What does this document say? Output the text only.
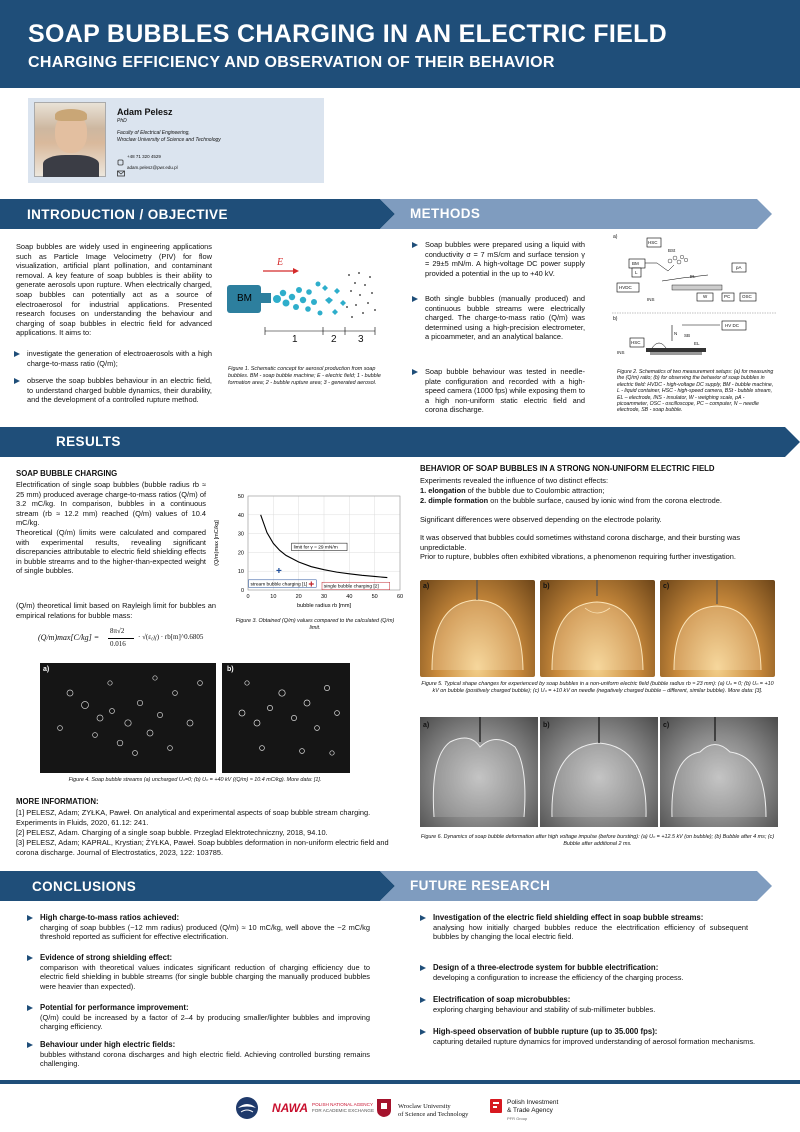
SOAP BUBBLES CHARGING IN AN ELECTRIC FIELD
CHARGING EFFICIENCY AND OBSERVATION OF THEIR BEHAVIOR
Adam Pelesz
PhD
Faculty of Electrical Engineering,
Wroclaw University of Science and Technology
+48 71 320 4529
adam.pelesz@pwr.edu.pl
INTRODUCTION / OBJECTIVE	METHODS
Soap bubbles are widely used in engineering applications such as Particle Image Velocimetry (PIV) for flow visualization, artificial plant pollination, and contaminant removal. A key feature of soap bubbles is their ability to generate aerosols upon rupture. When electrically charged, soap bubbles can potentially act as a source of electroaerosol for industrial applications. Presented research focuses on understanding the behaviour and charging of soap bubbles in electric field for advanced applications. It aims to:
investigate the generation of electroaerosols with a high charge-to-mass ratio (Q/m);
observe the soap bubbles behaviour in an electric field, to understand charged bubble dynamics, their durability, and the development of a controlled rupture method.
BM
E
1	2 3
Figure 1. Schematic concept for aerosol production from soap bubbles. BM - soap bubble machine; E - electric field; 1 - bubble formation area; 2 - bubble rupture area; 3 - generated aerosol.
Soap bubbles were prepared using a liquid with conductivity σ = 7 mS/cm and surface tension γ = 29±5 mN/m. A high-voltage DC power supply provided a potential in the up to +40 kV.
Both single bubbles (manually produced) and continuous bubble streams were electrically charged. The charge-to-mass ratio (Q/m) was determined using a high-precision electrometer, a picoammeter, and an analytical balance.
Soap bubble behaviour was tested in needle-plate configuration and recorded with a high-speed camera (1000 fps) while exposing them to a high non-uniform static electric field and corona discharge.
a)
HSC
BSt
BM
L
HVDC
EL
pA
INS
W	PC	OSC
b)
HV DC
HSC
N SB
EL
INS
Figure 2. Schematics of two measurement setups: (a) for measuring the (Q/m) ratio; (b) for observing the behavior of soap bubbles in electric field: HVDC - high-voltage DC supply, BM - bubble machine, L - liquid container, HSC - high-speed camera, BSt - bubble stream, EL – electrode, INS - insulator, W - weighing scale, pA - picoammeter, OSC - oscilloscope, PC – computer, N – needle electrode, SB - soap bubble.
RESULTS
SOAP BUBBLE CHARGING
Electrification of single soap bubbles (bubble radius rb ≈ 25 mm) produced average charge-to-mass ratios (Q/m) of 3.2 mC/kg. In comparison, bubbles in a continuous stream (rb ≈ 12.2 mm) reached (Q/m) values of 10.4 mC/kg.
Theoretical (Q/m) limits were calculated and compared with experimental results, revealing significant discrepancies attributable to electric field shielding effects in bubble streams and to the higher-than-expected weight of single bubbles.
(Q/m) theoretical limit based on Rayleigh limit for bubbles an empirical relations for bubble mass:
(Q/m)max[C/kg] =
8π√2
0.016
· √(ε₀γ) · rb[m]^0.6805
0	10	20	30	40	50	60
0
10
20
30
40
50
limit for γ = 29 mN/m
stream bubble charging [1]	single bubble charging [2]
bubble radius rb [mm]
(Q/m)max [mC/kg]
Figure 3. Obtained (Q/m) values compared to the calculated (Q/m) limit.
a)	b)
Figure 4. Soap bubble streams (a) uncharged Uₙ=0; (b) Uₙ = +40 kV ((Q/m) ≈ 10.4 mC/kg). More data: [1].
MORE INFORMATION:
[1] PELESZ, Adam; ZYŁKA, Paweł. On analytical and experimental aspects of soap bubble stream charging. Experiments in Fluids, 2020, 61.12: 241.
[2] PELESZ, Adam. Charging of a single soap bubble. Przeglad Elektrotechniczny, 2018, 94.10.
[3] PELESZ, Adam; KAPRAL, Krystian; ŻYŁKA, Paweł. Soap bubbles deformation in non-uniform electric field and corona discharge. Journal of Electrostatics, 2023, 122: 103785.
BEHAVIOR OF SOAP BUBBLES IN A STRONG NON-UNIFORM ELECTRIC FIELD
Experiments revealed the influence of two distinct effects:
1. elongation of the bubble due to Coulombic attraction;
2. dimple formation on the bubble surface, caused by ionic wind from the corona electrode.
Significant differences were observed depending on the electrode polarity.
It was observed that bubbles could sometimes withstand corona discharge, and their bursting was unpredictable.
Prior to rupture, bubbles often exhibited vibrations, a phenomenon requiring further investigation.
a)	b)	c)
Figure 5. Typical shape changes for experienced by soap bubbles in a non-uniform electric field (bubble radius rb ≈ 23 mm): (a) Uₙ = 0; (b) Uₙ = +10 kV on bubble (positively charged bubble); (c) Uₙ = +10 kV on needle (negatively charged bubble – different, similar bubble). More data: [3].
a)	b)	c)
Figure 6. Dynamics of soap bubble deformation after high voltage impulse (before bursting): (a) Uₙ = +12.5 kV (on bubble); (b) Bubble after 4 ms; (c) Bubble after additional 2 ms.
CONCLUSIONS	FUTURE RESEARCH
High charge-to-mass ratios achieved:
charging of soap bubbles (~12 mm radius) produced (Q/m) ≈ 10 mC/kg, well above the ~2 mC/kg threshold reported as sufficient for effective electrification.
Evidence of strong shielding effect:
comparison with theoretical values indicates significant reduction of charging efficiency due to electric field shielding in bubble streams (for single bubble charging the manually produced bubbles were heavier than expected).
Potential for performance improvement:
(Q/m) could be increased by a factor of 2–4 by producing smaller/lighter bubbles and improving charging efficiency.
Behaviour under high electric fields:
bubbles withstand corona discharges and high electric field. Achieving controlled bursting remains challenging.
Investigation of the electric field shielding effect in soap bubble streams:
analysing how initially charged bubbles reduce the electrification efficiency of subsequent bubbles by changing the local electric field.
Design of a three-electrode system for bubble electrification:
developing a configuration to increase the efficiency of the charging process.
Electrification of soap microbubbles:
exploring charging behaviour and stability of sub-millimeter bubbles.
High-speed observation of bubble rupture (up to 35.000 fps):
capturing detailed rupture dynamics for improved understanding of aerosol formation mechanisms.
NAWA POLISH NATIONAL AGENCY
FOR ACADEMIC EXCHANGE
Wroclaw University
of Science and Technology
Polish Investment
& Trade Agency
PFR Group
